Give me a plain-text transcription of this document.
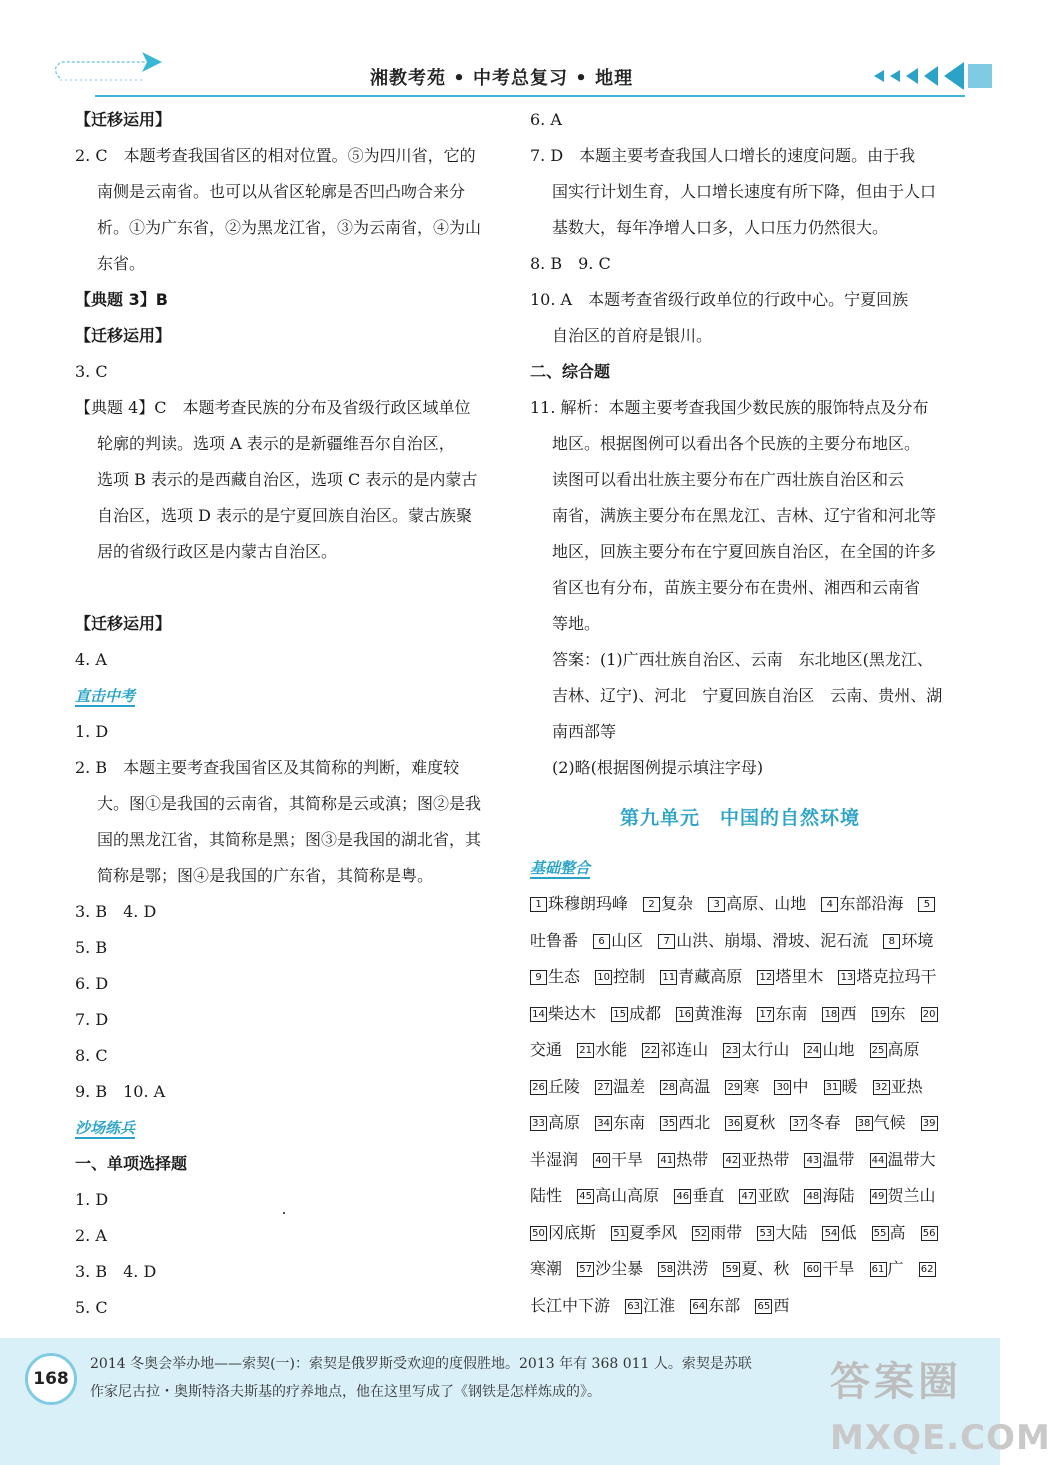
湘教考苑 • 中考总复习 • 地理

【迁移运用】

2. C　本题考查我国省区的相对位置。⑤为四川省，它的

南侧是云南省。也可以从省区轮廓是否凹凸吻合来分

析。①为广东省，②为黑龙江省，③为云南省，④为山

东省。

【典题 3】B

【迁移运用】

3. C

【典题 4】C　本题考查民族的分布及省级行政区域单位

轮廓的判读。选项 A 表示的是新疆维吾尔自治区，

选项 B 表示的是西藏自治区，选项 C 表示的是内蒙古

自治区，选项 D 表示的是宁夏回族自治区。蒙古族聚

居的省级行政区是内蒙古自治区。

【迁移运用】

4. A

直击中考

1. D

2. B　本题主要考查我国省区及其简称的判断，难度较

大。图①是我国的云南省，其简称是云或滇；图②是我

国的黑龙江省，其简称是黑；图③是我国的湖北省，其

简称是鄂；图④是我国的广东省，其简称是粤。

3. B　4. D

5. B

6. D

7. D

8. C

9. B　10. A

沙场练兵

一、单项选择题

1. D

2. A

3. B　4. D

5. C

6. A

7. D　本题主要考查我国人口增长的速度问题。由于我

国实行计划生育，人口增长速度有所下降，但由于人口

基数大，每年净增人口多，人口压力仍然很大。

8. B　9. C

10. A　本题考查省级行政单位的行政中心。宁夏回族

自治区的首府是银川。

二、综合题

11. 解析：本题主要考查我国少数民族的服饰特点及分布

地区。根据图例可以看出各个民族的主要分布地区。

读图可以看出壮族主要分布在广西壮族自治区和云

南省，满族主要分布在黑龙江、吉林、辽宁省和河北等

地区，回族主要分布在宁夏回族自治区，在全国的许多

省区也有分布，苗族主要分布在贵州、湘西和云南省

等地。

答案：(1)广西壮族自治区、云南　东北地区(黑龙江、

吉林、辽宁)、河北　宁夏回族自治区　云南、贵州、湖

南西部等

(2)略(根据图例提示填注字母)

第九单元　中国的自然环境

基础整合

1 珠穆朗玛峰 2 复杂 3 高原、山地 4 东部沿海 5吐鲁番 6 山区 7 山洪、崩塌、滑坡、泥石流 8 环境 9 生态 10 控制 11 青藏高原 12 塔里木 13 塔克拉玛干 14 柴达木 15 成都 16 黄淮海 17 东南 18 西 19 东 20交通 21 水能 22 祁连山 23 太行山 24 山地 25 高原 26 丘陵 27 温差 28 高温 29 寒 30 中 31 暖 32 亚热 33 高原 34 东南 35 西北 36 夏秋 37 冬春 38 气候 39半湿润 40 干旱 41 热带 42 亚热带 43 温带 44 温带大陆性 45 高山高原 46 垂直 47 亚欧 48 海陆 49 贺兰山 50 冈底斯 51 夏季风 52 雨带 53 大陆 54 低 55 高 56寒潮 57 沙尘暴 58 洪涝 59 夏、秋 60 干旱 61 广 62长江中下游 63 江淮 64 东部 65 西
168
2014 冬奥会举办地——索契(一)：索契是俄罗斯受欢迎的度假胜地。2013 年有 368 011 人。索契是苏联
作家尼古拉・奥斯特洛夫斯基的疗养地点，他在这里写成了《钢铁是怎样炼成的》。	答案圈
MXQE.COM
